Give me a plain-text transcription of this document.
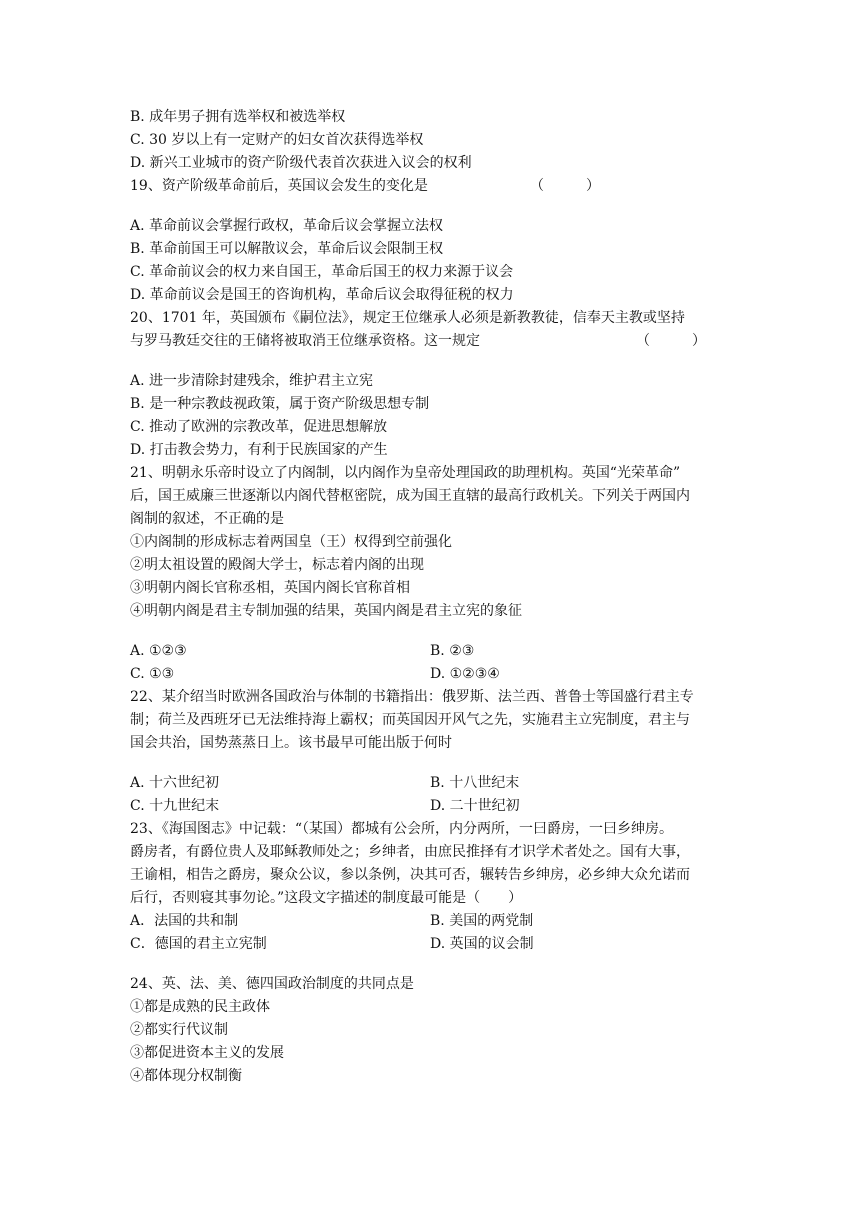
B. 成年男子拥有选举权和被选举权
C. 30 岁以上有一定财产的妇女首次获得选举权
D. 新兴工业城市的资产阶级代表首次获进入议会的权利
19、资产阶级革命前后，英国议会发生的变化是	（　　　）
A. 革命前议会掌握行政权，革命后议会掌握立法权
B. 革命前国王可以解散议会，革命后议会限制王权
C. 革命前议会的权力来自国王，革命后国王的权力来源于议会
D. 革命前议会是国王的咨询机构，革命后议会取得征税的权力
20、1701 年，英国颁布《嗣位法》，规定王位继承人必须是新教教徒，信奉天主教或坚持
与罗马教廷交往的王储将被取消王位继承资格。这一规定	（　　　）
A. 进一步清除封建残余，维护君主立宪
B. 是一种宗教歧视政策，属于资产阶级思想专制
C. 推动了欧洲的宗教改革，促进思想解放
D. 打击教会势力，有利于民族国家的产生
21、明朝永乐帝时设立了内阁制，以内阁作为皇帝处理国政的助理机构。英国“光荣革命”
后，国王威廉三世逐渐以内阁代替枢密院，成为国王直辖的最高行政机关。下列关于两国内
阁制的叙述，不正确的是
①内阁制的形成标志着两国皇（王）权得到空前强化
②明太祖设置的殿阁大学士，标志着内阁的出现
③明朝内阁长官称丞相，英国内阁长官称首相
④明朝内阁是君主专制加强的结果，英国内阁是君主立宪的象征
A. ①②③	B. ②③
C. ①③	D. ①②③④
22、某介绍当时欧洲各国政治与体制的书籍指出：俄罗斯、法兰西、普鲁士等国盛行君主专
制；荷兰及西班牙已无法维持海上霸权；而英国因开风气之先，实施君主立宪制度，君主与
国会共治，国势蒸蒸日上。该书最早可能出版于何时
A. 十六世纪初	B. 十八世纪末
C. 十九世纪末	D. 二十世纪初
23、《海国图志》中记载：“（某国）都城有公会所，内分两所，一曰爵房，一曰乡绅房。
爵房者，有爵位贵人及耶稣教师处之；乡绅者，由庶民推择有才识学术者处之。国有大事，
王谕相，相告之爵房，聚众公议，参以条例，决其可否，辗转告乡绅房，必乡绅大众允诺而
后行，否则寝其事勿论。”这段文字描述的制度最可能是（　　）
A．法国的共和制	B. 美国的两党制
C．德国的君主立宪制	D. 英国的议会制
24、英、法、美、德四国政治制度的共同点是
①都是成熟的民主政体
②都实行代议制
③都促进资本主义的发展
④都体现分权制衡
